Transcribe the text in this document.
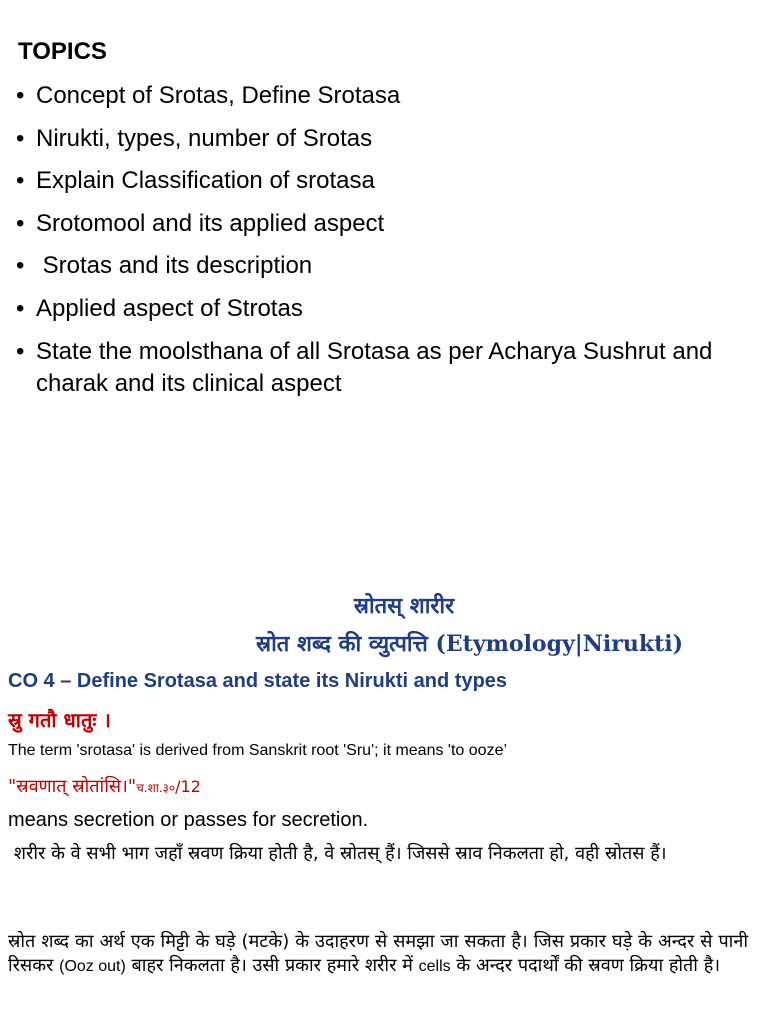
TOPICS
• Concept of Srotas, Define Srotasa
• Nirukti, types, number of Srotas
• Explain Classification of srotasa
• Srotomool and its applied aspect
• Srotas and its description
• Applied aspect of Strotas
• State the moolsthana of all Srotasa as per Acharya Sushrut and charak and its clinical aspect
स्रोतस् शारीर
स्रोत शब्द की व्युत्पत्ति (Etymology|Nirukti)
CO 4 – Define Srotasa and state its Nirukti and types
स्रु गतौ धातुः ।
The term 'srotasa' is derived from Sanskrit root 'Sru'; it means 'to ooze’
"स्रवणात् स्रोतांसि।"च.शा.३०/12
means secretion or passes for secretion.
शरीर के वे सभी भाग जहाँ स्रवण क्रिया होती है, वे स्रोतस् हैं। जिससे स्राव निकलता हो, वही स्रोतस हैं।
स्रोत शब्द का अर्थ एक मिट्टी के घड़े (मटके) के उदाहरण से समझा जा सकता है। जिस प्रकार घड़े के अन्दर से पानी रिसकर (Ooz out) बाहर निकलता है। उसी प्रकार हमारे शरीर में cells के अन्दर पदार्थों की स्रवण क्रिया होती है।
